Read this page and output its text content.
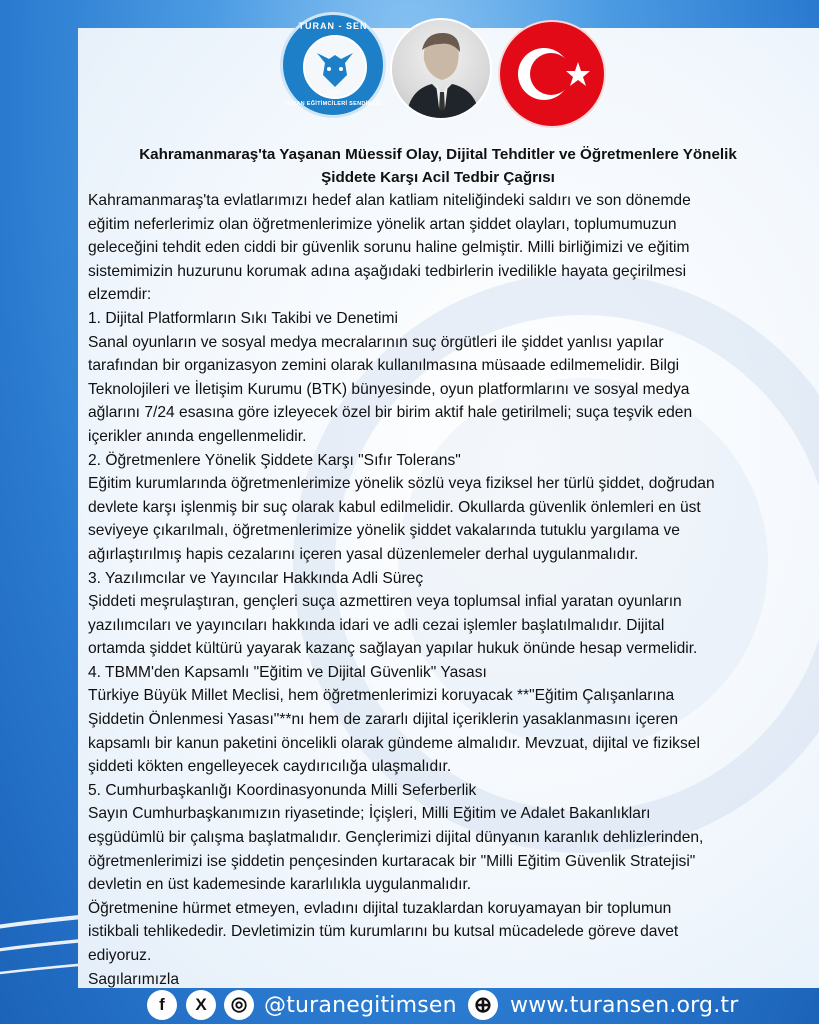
TURAN - SEN
2016
TURAN EĞİTİMCİLERİ SENDİKASI
Kahramanmaraş'ta Yaşanan Müessif Olay, Dijital Tehditler ve Öğretmenlere Yönelik
Şiddete Karşı Acil Tedbir Çağrısı

Kahramanmaraş'ta evlatlarımızı hedef alan katliam niteliğindeki saldırı ve son dönemde

eğitim neferlerimiz olan öğretmenlerimize yönelik artan şiddet olayları, toplumumuzun

geleceğini tehdit eden ciddi bir güvenlik sorunu haline gelmiştir. Milli birliğimizi ve eğitim

sistemimizin huzurunu korumak adına aşağıdaki tedbirlerin ivedilikle hayata geçirilmesi

elzemdir:

1. Dijital Platformların Sıkı Takibi ve Denetimi

Sanal oyunların ve sosyal medya mecralarının suç örgütleri ile şiddet yanlısı yapılar

tarafından bir organizasyon zemini olarak kullanılmasına müsaade edilmemelidir. Bilgi

Teknolojileri ve İletişim Kurumu (BTK) bünyesinde, oyun platformlarını ve sosyal medya

ağlarını 7/24 esasına göre izleyecek özel bir birim aktif hale getirilmeli; suça teşvik eden

içerikler anında engellenmelidir.

2. Öğretmenlere Yönelik Şiddete Karşı "Sıfır Tolerans"

Eğitim kurumlarında öğretmenlerimize yönelik sözlü veya fiziksel her türlü şiddet, doğrudan

devlete karşı işlenmiş bir suç olarak kabul edilmelidir. Okullarda güvenlik önlemleri en üst

seviyeye çıkarılmalı, öğretmenlerimize yönelik şiddet vakalarında tutuklu yargılama ve

ağırlaştırılmış hapis cezalarını içeren yasal düzenlemeler derhal uygulanmalıdır.

3. Yazılımcılar ve Yayıncılar Hakkında Adli Süreç

Şiddeti meşrulaştıran, gençleri suça azmettiren veya toplumsal infial yaratan oyunların

yazılımcıları ve yayıncıları hakkında idari ve adli cezai işlemler başlatılmalıdır. Dijital

ortamda şiddet kültürü yayarak kazanç sağlayan yapılar hukuk önünde hesap vermelidir.

4. TBMM'den Kapsamlı "Eğitim ve Dijital Güvenlik" Yasası

Türkiye Büyük Millet Meclisi, hem öğretmenlerimizi koruyacak **"Eğitim Çalışanlarına

Şiddetin Önlenmesi Yasası"**nı hem de zararlı dijital içeriklerin yasaklanmasını içeren

kapsamlı bir kanun paketini öncelikli olarak gündeme almalıdır. Mevzuat, dijital ve fiziksel

şiddeti kökten engelleyecek caydırıcılığa ulaşmalıdır.

5. Cumhurbaşkanlığı Koordinasyonunda Milli Seferberlik

Sayın Cumhurbaşkanımızın riyasetinde; İçişleri, Milli Eğitim ve Adalet Bakanlıkları

eşgüdümlü bir çalışma başlatmalıdır. Gençlerimizi dijital dünyanın karanlık dehlizlerinden,

öğretmenlerimizi ise şiddetin pençesinden kurtaracak bir "Milli Eğitim Güvenlik Stratejisi"

devletin en üst kademesinde kararlılıkla uygulanmalıdır.

Öğretmenine hürmet etmeyen, evladını dijital tuzaklardan koruyamayan bir toplumun

istikbali tehlikededir. Devletimizin tüm kurumlarını bu kutsal mücadelede göreve davet

ediyoruz.

Sagılarımızla

f	X	◎ @turanegitimsen ⊕ www.turansen.org.tr
